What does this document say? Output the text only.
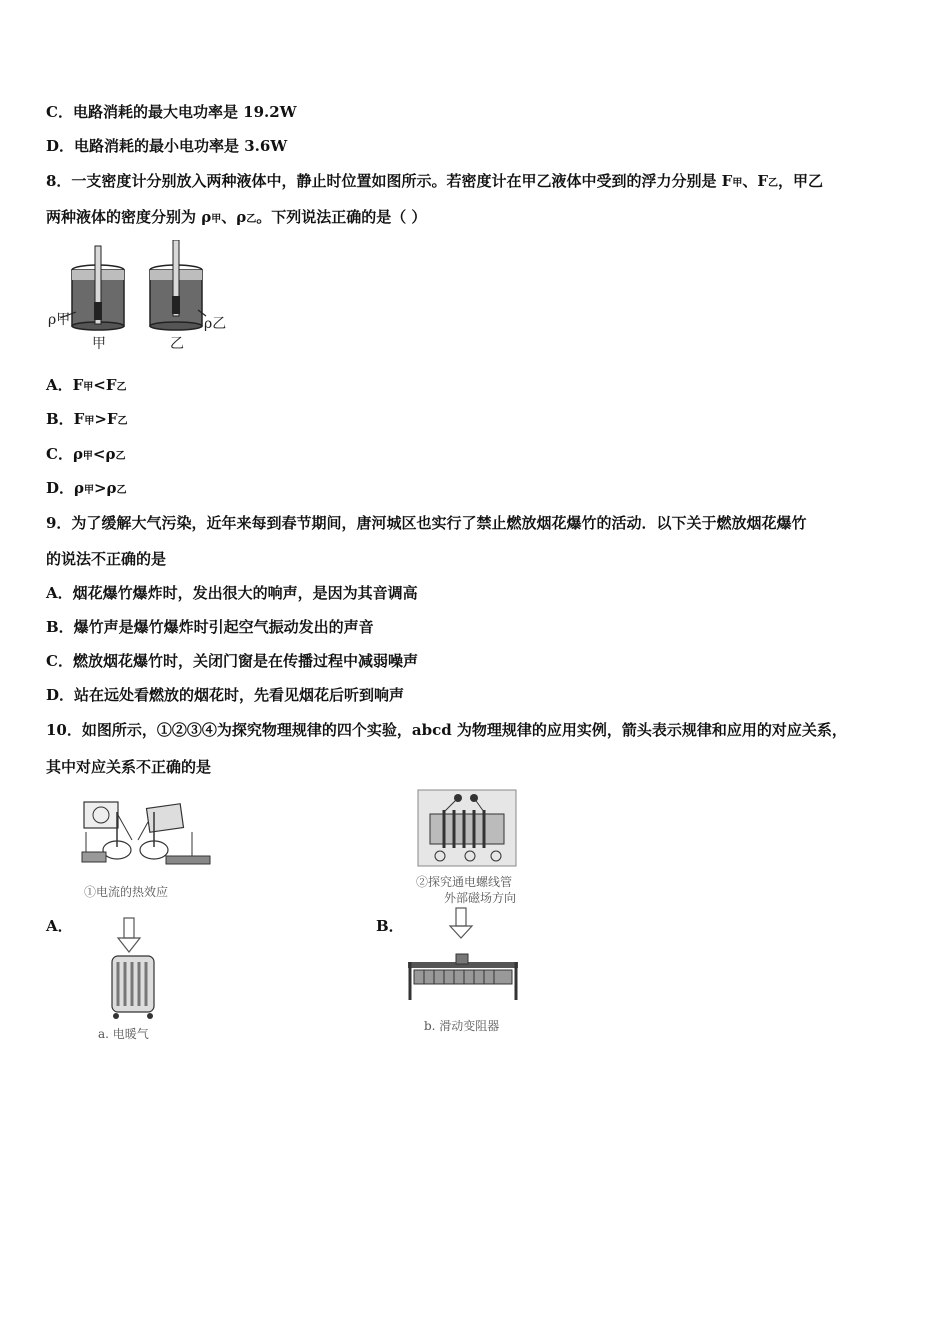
C．电路消耗的最大电功率是 19.2W
D．电路消耗的最小电功率是 3.6W
8．一支密度计分别放入两种液体中，静止时位置如图所示。若密度计在甲乙液体中受到的浮力分别是 F甲、F乙，甲乙
两种液体的密度分别为 ρ甲、ρ乙。下列说法正确的是（ ）
ρ甲
甲
ρ乙
乙
A．F甲<F乙
B．F甲>F乙
C．ρ甲<ρ乙
D．ρ甲>ρ乙
9．为了缓解大气污染，近年来每到春节期间，唐河城区也实行了禁止燃放烟花爆竹的活动．以下关于燃放烟花爆竹
的说法不正确的是
A．烟花爆竹爆炸时，发出很大的响声，是因为其音调高
B．爆竹声是爆竹爆炸时引起空气振动发出的声音
C．燃放烟花爆竹时，关闭门窗是在传播过程中减弱噪声
D．站在远处看燃放的烟花时，先看见烟花后听到响声
10．如图所示，①②③④为探究物理规律的四个实验，abcd 为物理规律的应用实例，箭头表示规律和应用的对应关系，
其中对应关系不正确的是
A．	B．
①电流的热效应
a. 电暖气
②探究通电螺线管
外部磁场方向
b. 滑动变阻器
